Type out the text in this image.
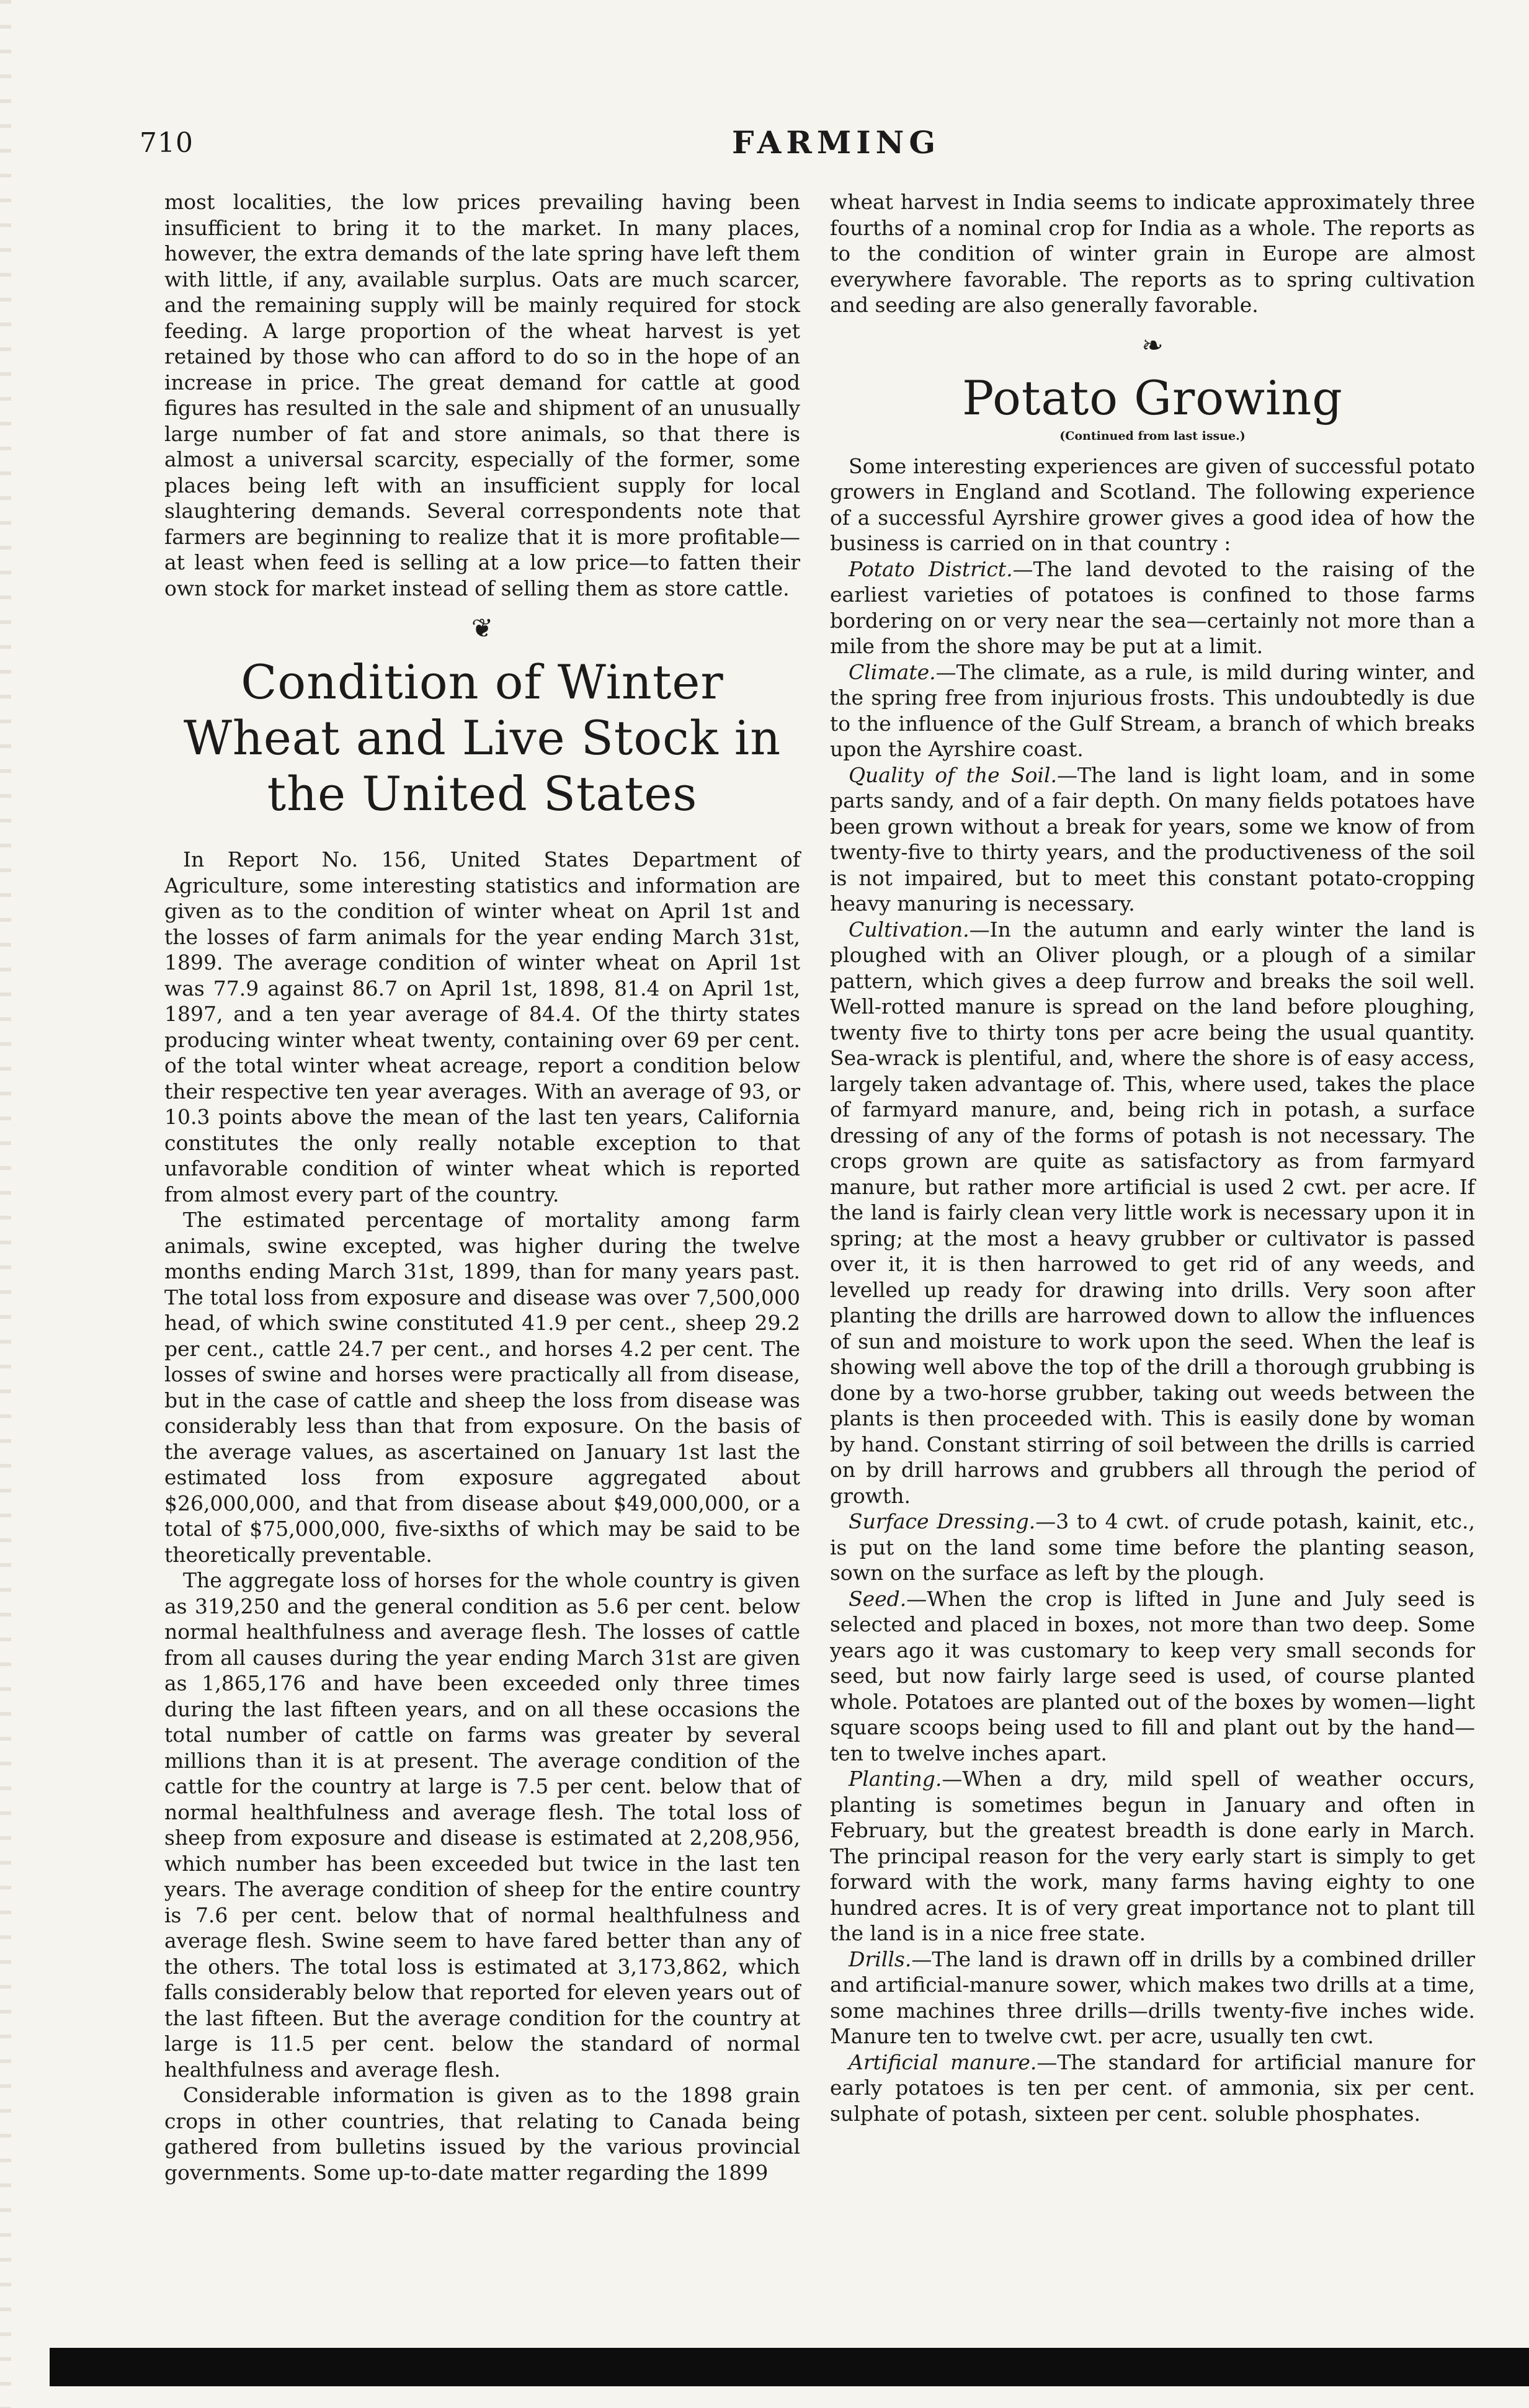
710	FARMING

most localities, the low prices prevailing having been insufficient to bring it to the market. In many places, however, the extra demands of the late spring have left them with little, if any, available surplus. Oats are much scarcer, and the remaining supply will be mainly required for stock feeding. A large proportion of the wheat harvest is yet retained by those who can afford to do so in the hope of an increase in price. The great demand for cattle at good figures has resulted in the sale and shipment of an unusually large number of fat and store animals, so that there is almost a universal scarcity, especially of the former, some places being left with an insufficient supply for local slaughtering demands. Several correspondents note that farmers are beginning to realize that it is more profitable—at least when feed is selling at a low price—to fatten their own stock for market instead of selling them as store cattle.

❦
Condition of Winter Wheat and Live Stock in the United States

In Report No. 156, United States Department of Agriculture, some interesting statistics and information are given as to the condition of winter wheat on April 1st and the losses of farm animals for the year ending March 31st, 1899. The average condition of winter wheat on April 1st was 77.9 against 86.7 on April 1st, 1898, 81.4 on April 1st, 1897, and a ten year average of 84.4. Of the thirty states producing winter wheat twenty, containing over 69 per cent. of the total winter wheat acreage, report a condition below their respective ten year averages. With an average of 93, or 10.3 points above the mean of the last ten years, California constitutes the only really notable exception to that unfavorable condition of winter wheat which is reported from almost every part of the country.

The estimated percentage of mortality among farm animals, swine excepted, was higher during the twelve months ending March 31st, 1899, than for many years past. The total loss from exposure and disease was over 7,500,000 head, of which swine constituted 41.9 per cent., sheep 29.2 per cent., cattle 24.7 per cent., and horses 4.2 per cent. The losses of swine and horses were practically all from disease, but in the case of cattle and sheep the loss from disease was considerably less than that from exposure. On the basis of the average values, as ascertained on January 1st last the estimated loss from exposure aggregated about $26,000,000, and that from disease about $49,000,000, or a total of $75,000,000, five-sixths of which may be said to be theoretically preventable.

The aggregate loss of horses for the whole country is given as 319,250 and the general condition as 5.6 per cent. below normal healthfulness and average flesh. The losses of cattle from all causes during the year ending March 31st are given as 1,865,176 and have been exceeded only three times during the last fifteen years, and on all these occasions the total number of cattle on farms was greater by several millions than it is at present. The average condition of the cattle for the country at large is 7.5 per cent. below that of normal healthfulness and average flesh. The total loss of sheep from exposure and disease is estimated at 2,208,956, which number has been exceeded but twice in the last ten years. The average condition of sheep for the entire country is 7.6 per cent. below that of normal healthfulness and average flesh. Swine seem to have fared better than any of the others. The total loss is estimated at 3,173,862, which falls considerably below that reported for eleven years out of the last fifteen. But the average condition for the country at large is 11.5 per cent. below the standard of normal healthfulness and average flesh.

Considerable information is given as to the 1898 grain crops in other countries, that relating to Canada being gathered from bulletins issued by the various provincial governments. Some up-to-date matter regarding the 1899

wheat harvest in India seems to indicate approximately three fourths of a nominal crop for India as a whole. The reports as to the condition of winter grain in Europe are almost everywhere favorable. The reports as to spring cultivation and seeding are also generally favorable.

❧
Potato Growing
(Continued from last issue.)

Some interesting experiences are given of successful potato growers in England and Scotland. The following experience of a successful Ayrshire grower gives a good idea of how the business is carried on in that country :

Potato District.—The land devoted to the raising of the earliest varieties of potatoes is confined to those farms bordering on or very near the sea—certainly not more than a mile from the shore may be put at a limit.

Climate.—The climate, as a rule, is mild during winter, and the spring free from injurious frosts. This undoubtedly is due to the influence of the Gulf Stream, a branch of which breaks upon the Ayrshire coast.

Quality of the Soil.—The land is light loam, and in some parts sandy, and of a fair depth. On many fields potatoes have been grown without a break for years, some we know of from twenty-five to thirty years, and the productiveness of the soil is not impaired, but to meet this constant potato-cropping heavy manuring is necessary.

Cultivation.—In the autumn and early winter the land is ploughed with an Oliver plough, or a plough of a similar pattern, which gives a deep furrow and breaks the soil well. Well-rotted manure is spread on the land before ploughing, twenty five to thirty tons per acre being the usual quantity. Sea-wrack is plentiful, and, where the shore is of easy access, largely taken advantage of. This, where used, takes the place of farmyard manure, and, being rich in potash, a surface dressing of any of the forms of potash is not necessary. The crops grown are quite as satisfactory as from farmyard manure, but rather more artificial is used 2 cwt. per acre. If the land is fairly clean very little work is necessary upon it in spring; at the most a heavy grubber or cultivator is passed over it, it is then harrowed to get rid of any weeds, and levelled up ready for drawing into drills. Very soon after planting the drills are harrowed down to allow the influences of sun and moisture to work upon the seed. When the leaf is showing well above the top of the drill a thorough grubbing is done by a two-horse grubber, taking out weeds between the plants is then proceeded with. This is easily done by woman by hand. Constant stirring of soil between the drills is carried on by drill harrows and grubbers all through the period of growth.

Surface Dressing.—3 to 4 cwt. of crude potash, kainit, etc., is put on the land some time before the planting season, sown on the surface as left by the plough.

Seed.—When the crop is lifted in June and July seed is selected and placed in boxes, not more than two deep. Some years ago it was customary to keep very small seconds for seed, but now fairly large seed is used, of course planted whole. Potatoes are planted out of the boxes by women—light square scoops being used to fill and plant out by the hand—ten to twelve inches apart.

Planting.—When a dry, mild spell of weather occurs, planting is sometimes begun in January and often in February, but the greatest breadth is done early in March. The principal reason for the very early start is simply to get forward with the work, many farms having eighty to one hundred acres. It is of very great importance not to plant till the land is in a nice free state.

Drills.—The land is drawn off in drills by a combined driller and artificial-manure sower, which makes two drills at a time, some machines three drills—drills twenty-five inches wide. Manure ten to twelve cwt. per acre, usually ten cwt.

Artificial manure.—The standard for artificial manure for early potatoes is ten per cent. of ammonia, six per cent. sulphate of potash, sixteen per cent. soluble phosphates.
